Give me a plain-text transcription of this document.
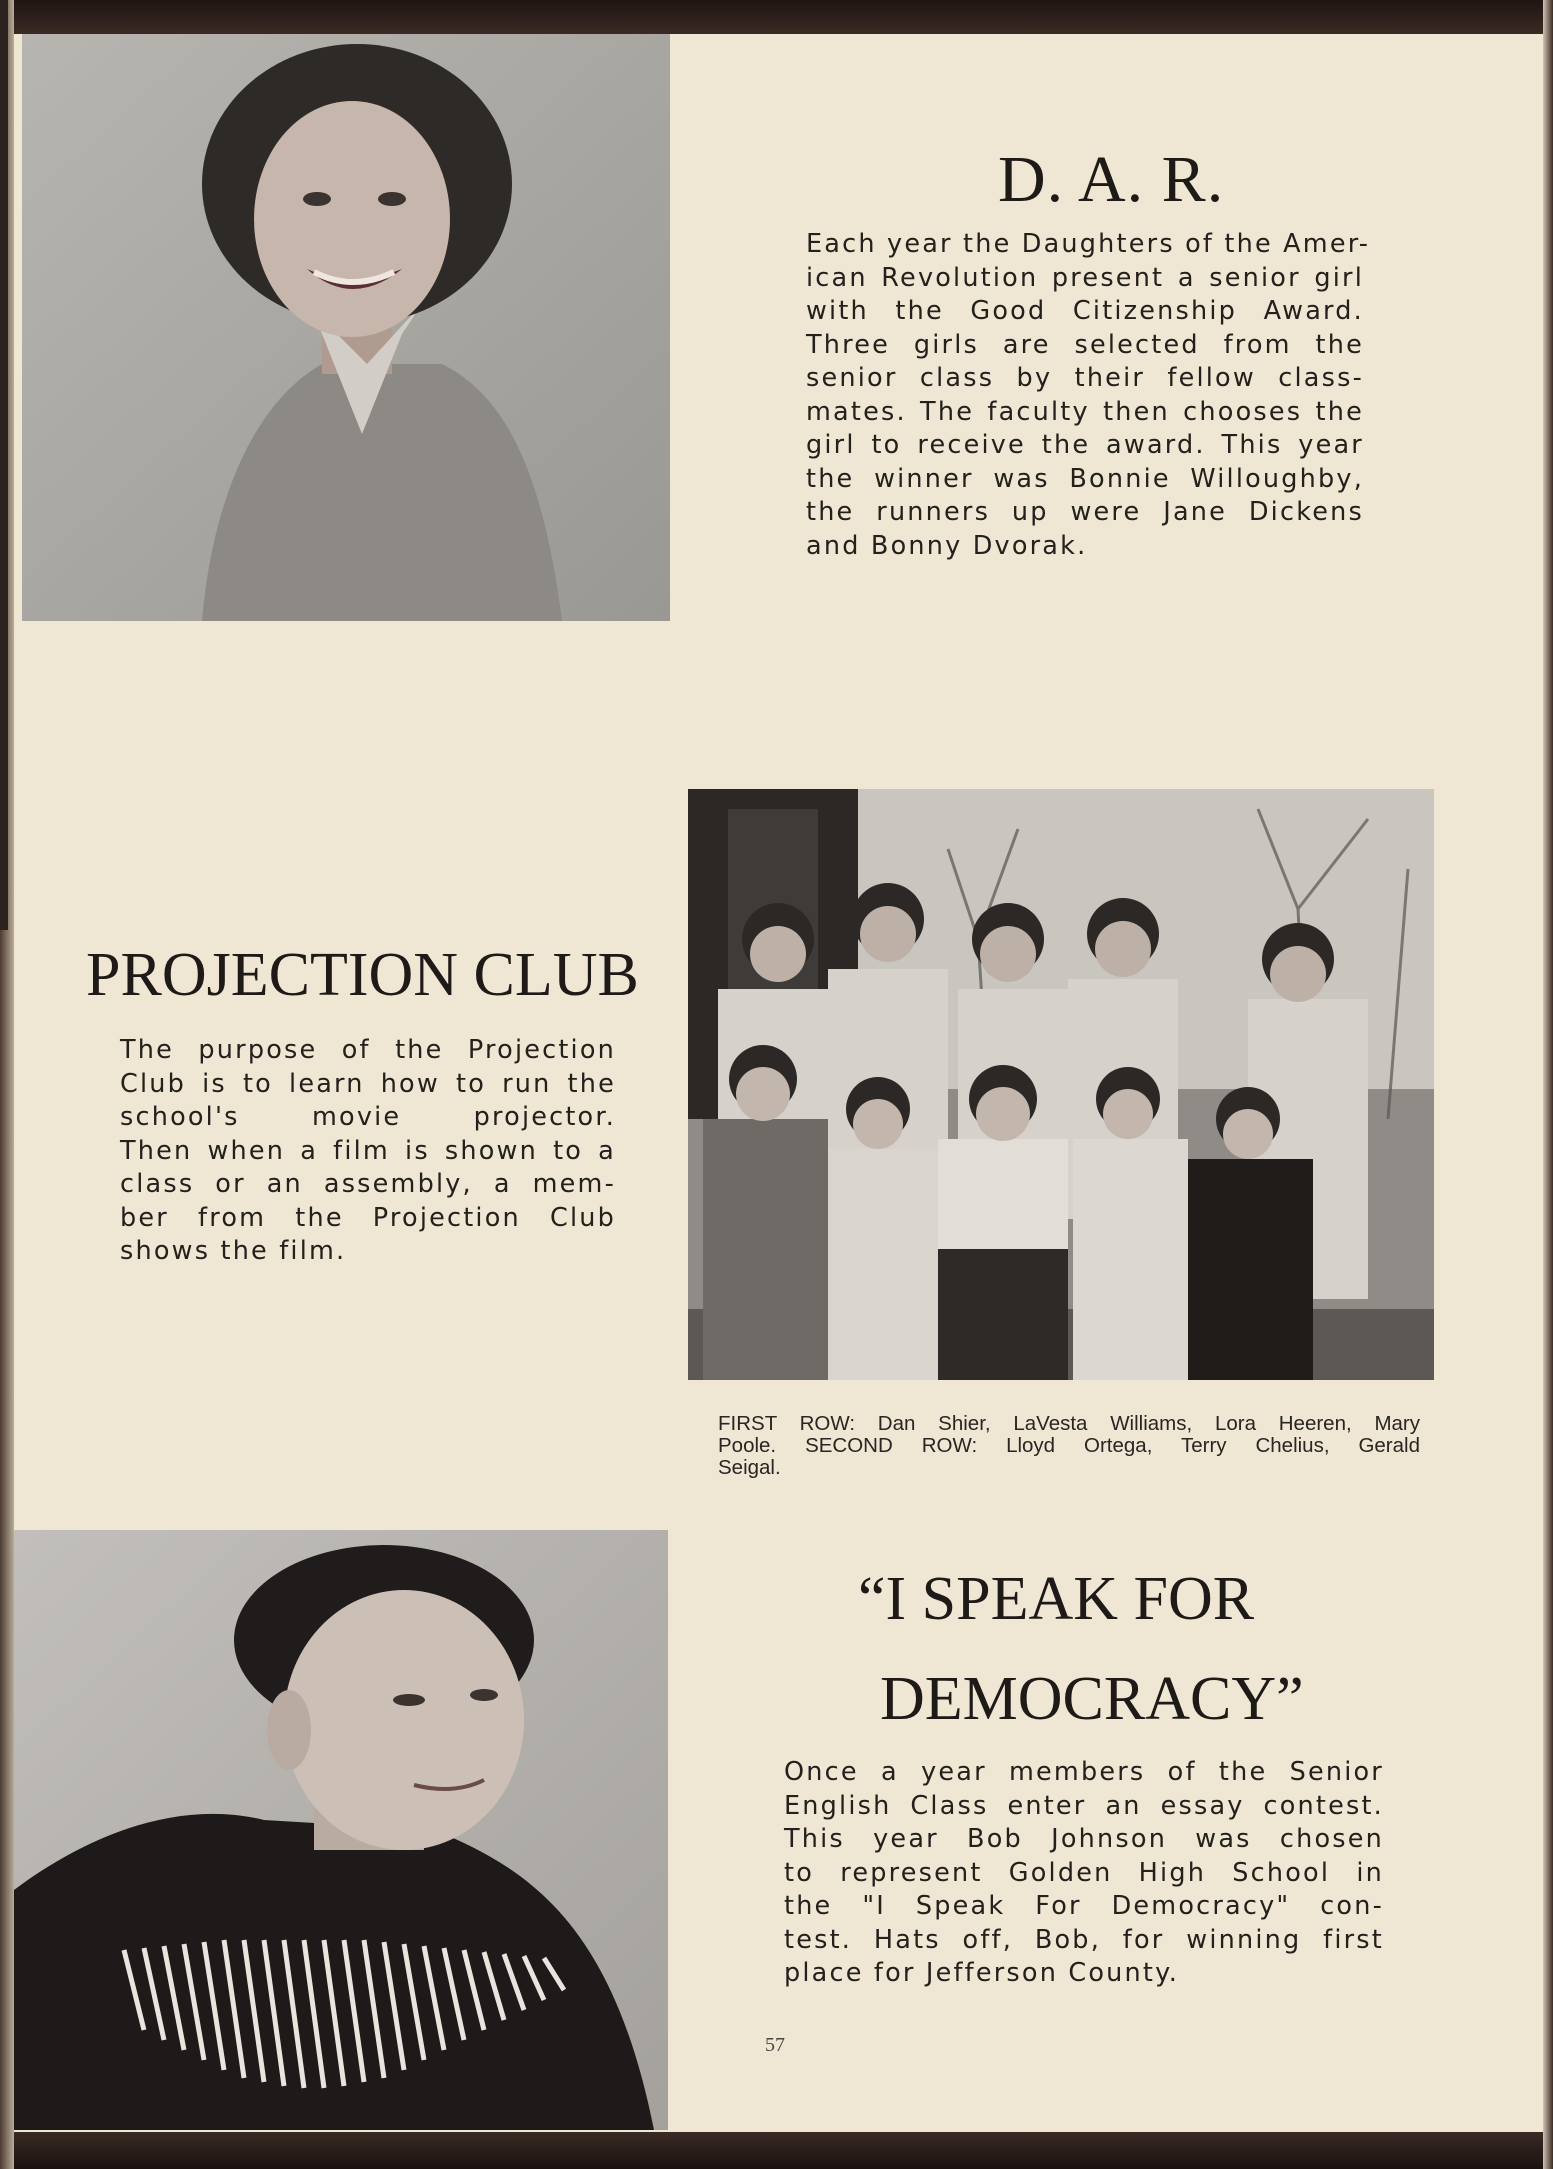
D. A. R.
Each year the Daughters of the Amer-
ican Revolution present a senior girl
with the Good Citizenship Award.
Three girls are selected from the
senior class by their fellow class-
mates. The faculty then chooses the
girl to receive the award. This year
the winner was Bonnie Willoughby,
the runners up were Jane Dickens
and Bonny Dvorak.
PROJECTION CLUB
The purpose of the Projection
Club is to learn how to run the
school's movie projector.
Then when a film is shown to a
class or an assembly, a mem-
ber from the Projection Club
shows the film.
FIRST ROW: Dan Shier, LaVesta Williams, Lora Heeren, Mary
Poole. SECOND ROW: Lloyd Ortega, Terry Chelius, Gerald
Seigal.
“I SPEAK FOR
DEMOCRACY”
Once a year members of the Senior
English Class enter an essay contest.
This year Bob Johnson was chosen
to represent Golden High School in
the "I Speak For Democracy" con-
test. Hats off, Bob, for winning first
place for Jefferson County.
57
